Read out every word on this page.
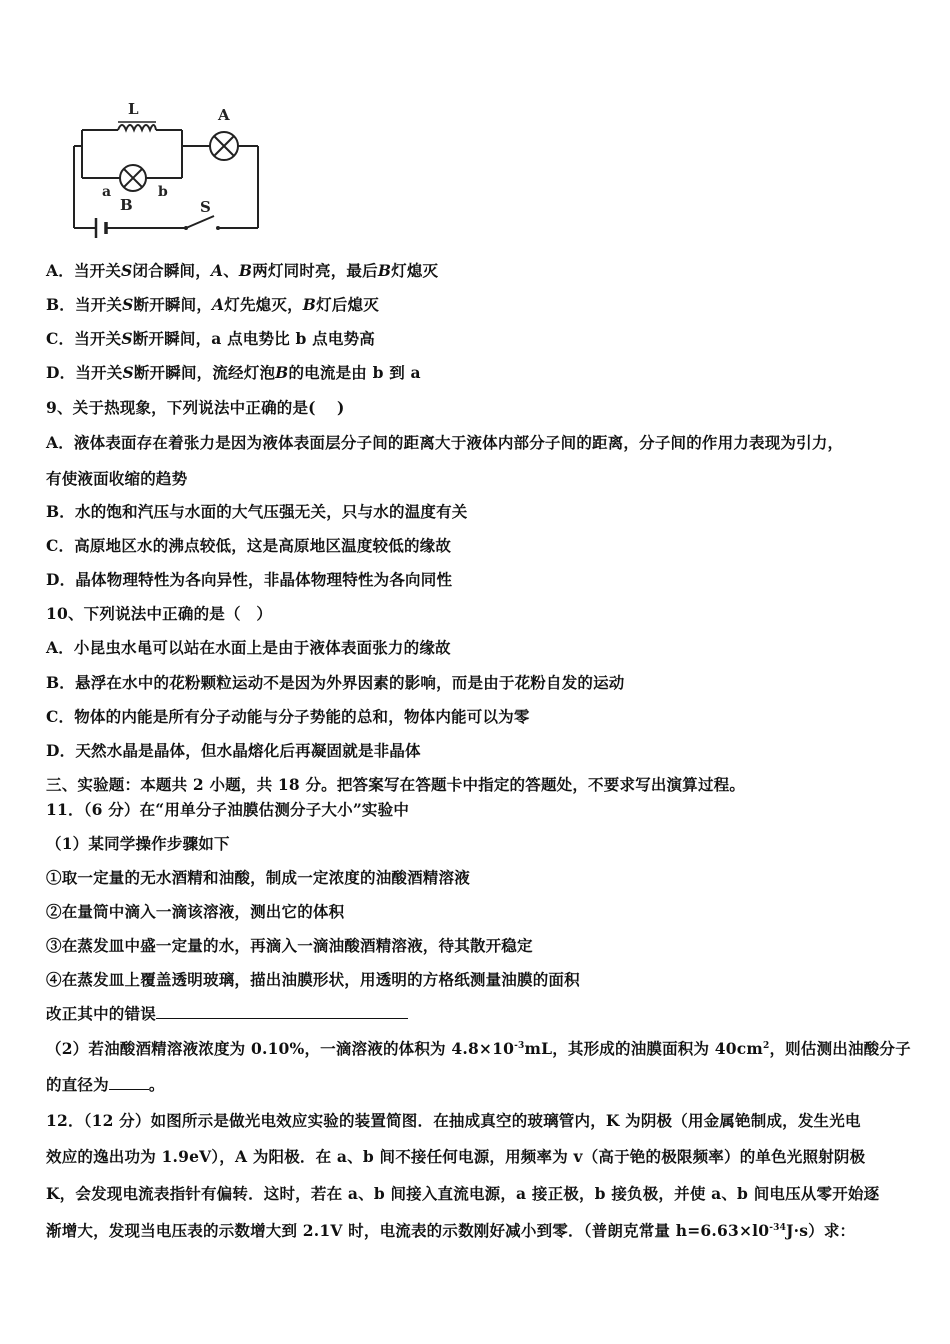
L	A
a	b
B	S
A．当开关S闭合瞬间，A、B两灯同时亮，最后B灯熄灭
B．当开关S断开瞬间，A灯先熄灭，B灯后熄灭
C．当开关S断开瞬间，a 点电势比 b 点电势高
D．当开关S断开瞬间，流经灯泡B的电流是由 b 到 a
9、关于热现象，下列说法中正确的是(　 )
A．液体表面存在着张力是因为液体表面层分子间的距离大于液体内部分子间的距离，分子间的作用力表现为引力，
有使液面收缩的趋势
B．水的饱和汽压与水面的大气压强无关，只与水的温度有关
C．高原地区水的沸点较低，这是高原地区温度较低的缘故
D．晶体物理特性为各向异性，非晶体物理特性为各向同性
10、下列说法中正确的是（　）
A．小昆虫水黾可以站在水面上是由于液体表面张力的缘故
B．悬浮在水中的花粉颗粒运动不是因为外界因素的影响，而是由于花粉自发的运动
C．物体的内能是所有分子动能与分子势能的总和，物体内能可以为零
D．天然水晶是晶体，但水晶熔化后再凝固就是非晶体
三、实验题：本题共 2 小题，共 18 分。把答案写在答题卡中指定的答题处，不要求写出演算过程。
11．（6 分）在“用单分子油膜估测分子大小”实验中
（1）某同学操作步骤如下
①取一定量的无水酒精和油酸，制成一定浓度的油酸酒精溶液
②在量筒中滴入一滴该溶液，测出它的体积
③在蒸发皿中盛一定量的水，再滴入一滴油酸酒精溶液，待其散开稳定
④在蒸发皿上覆盖透明玻璃，描出油膜形状，用透明的方格纸测量油膜的面积
改正其中的错误
（2）若油酸酒精溶液浓度为 0.10%，一滴溶液的体积为 $4.8\times 10^{-3}mL$，其形成的油膜面积为 $40cm^2$，则估测出油酸分子
的直径为	。
12．（12 分）如图所示是做光电效应实验的装置简图．在抽成真空的玻璃管内，K 为阴极（用金属铯制成，发生光电
效应的逸出功为 1.9eV），A 为阳极．在 a、b 间不接任何电源，用频率为 v（高于铯的极限频率）的单色光照射阴极
K，会发现电流表指针有偏转．这时，若在 a、b 间接入直流电源，a 接正极，b 接负极，并使 a、b 间电压从零开始逐
渐增大，发现当电压表的示数增大到 2.1V 时，电流表的示数刚好减小到零．（普朗克常量 $h=6.63\times l0^{-34}J\cdot s$）求：
